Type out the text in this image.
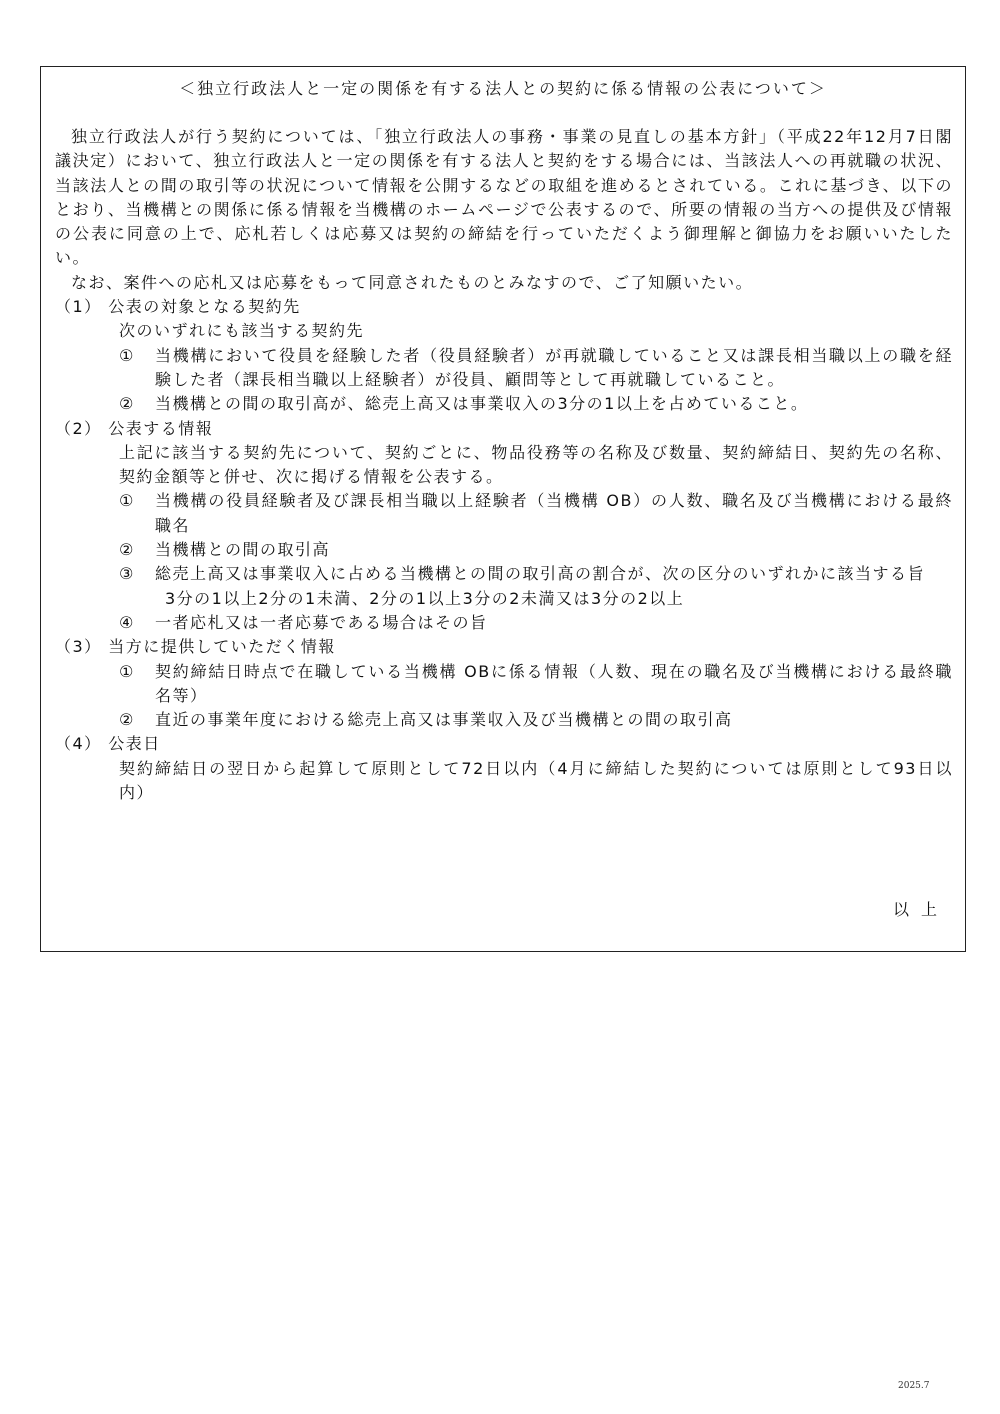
＜独立行政法人と一定の関係を有する法人との契約に係る情報の公表について＞

独立行政法人が行う契約については、「独立行政法人の事務・事業の見直しの基本方針」（平成22年12月7日閣議決定）において、独立行政法人と一定の関係を有する法人と契約をする場合には、当該法人への再就職の状況、当該法人との間の取引等の状況について情報を公開するなどの取組を進めるとされている。これに基づき、以下のとおり、当機構との関係に係る情報を当機構のホームページで公表するので、所要の情報の当方への提供及び情報の公表に同意の上で、応札若しくは応募又は契約の締結を行っていただくよう御理解と御協力をお願いいたしたい。

なお、案件への応札又は応募をもって同意されたものとみなすので、ご了知願いたい。

（1） 公表の対象となる契約先

次のいずれにも該当する契約先

①	当機構において役員を経験した者（役員経験者）が再就職していること又は課長相当職以上の職を経験した者（課長相当職以上経験者）が役員、顧問等として再就職していること。
②	当機構との間の取引高が、総売上高又は事業収入の3分の1以上を占めていること。

（2） 公表する情報

上記に該当する契約先について、契約ごとに、物品役務等の名称及び数量、契約締結日、契約先の名称、契約金額等と併せ、次に掲げる情報を公表する。

①	当機構の役員経験者及び課長相当職以上経験者（当機構 OB）の人数、職名及び当機構における最終職名
②	当機構との間の取引高
③	総売上高又は事業収入に占める当機構との間の取引高の割合が、次の区分のいずれかに該当する旨

3分の1以上2分の1未満、2分の1以上3分の2未満又は3分の2以上

④	一者応札又は一者応募である場合はその旨

（3） 当方に提供していただく情報

①	契約締結日時点で在職している当機構 OBに係る情報（人数、現在の職名及び当機構における最終職名等）
②	直近の事業年度における総売上高又は事業収入及び当機構との間の取引高

（4） 公表日

契約締結日の翌日から起算して原則として72日以内（4月に締結した契約については原則として93日以内）

以上
2025.7
